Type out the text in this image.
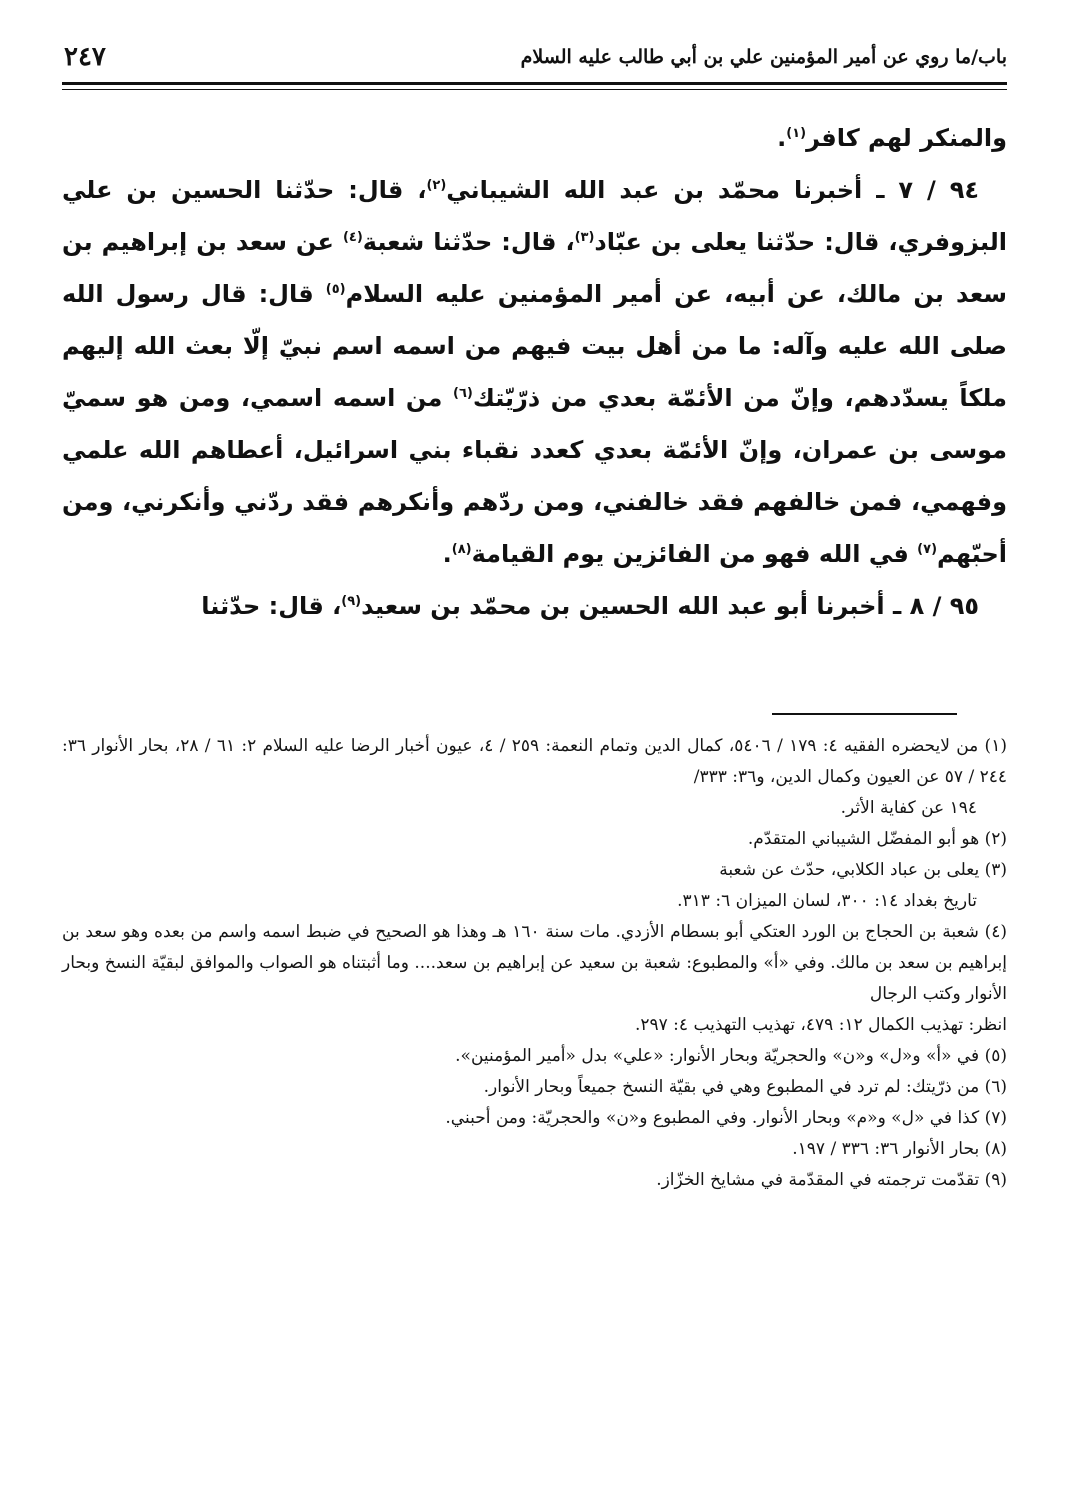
باب/ما روي عن أمير المؤمنين علي بن أبي طالب عليه السلام
٢٤٧

والمنكر لهم كافر$^{(١)}$.

٩٤ / ٧ ـ أخبرنا محمّد بن عبد الله الشيباني$^{(٢)}$، قال: حدّثنا الحسين بن علي البزوفري، قال: حدّثنا يعلى بن عبّاد$^{(٣)}$، قال: حدّثنا شعبة$^{(٤)}$ عن سعد بن إبراهيم بن سعد بن مالك، عن أبيه، عن أمير المؤمنين عليه السلام$^{(٥)}$ قال: قال رسول الله صلى الله عليه وآله: ما من أهل بيت فيهم من اسمه اسم نبيّ إلّا بعث الله إليهم ملكاً يسدّدهم، وإنّ من الأئمّة بعدي من ذرّيّتك$^{(٦)}$ من اسمه اسمي، ومن هو سميّ موسى بن عمران، وإنّ الأئمّة بعدي كعدد نقباء بني اسرائيل، أعطاهم الله علمي وفهمي، فمن خالفهم فقد خالفني، ومن ردّهم وأنكرهم فقد ردّني وأنكرني، ومن أحبّهم$^{(٧)}$ في الله فهو من الفائزين يوم القيامة$^{(٨)}$.

٩٥ / ٨ ـ أخبرنا أبو عبد الله الحسين بن محمّد بن سعيد$^{(٩)}$، قال: حدّثنا

(١) من لايحضره الفقيه ٤: ١٧٩ / ٥٤٠٦، كمال الدين وتمام النعمة: ٢٥٩ / ٤، عيون أخبار الرضا عليه السلام ٢: ٦١ / ٢٨، بحار الأنوار ٣٦: ٢٤٤ / ٥٧ عن العيون وكمال الدين، و٣٦: ٣٣٣/

١٩٤ عن كفاية الأثر.

(٢) هو أبو المفضّل الشيباني المتقدّم.

(٣) يعلى بن عباد الكلابي، حدّث عن شعبة

تاريخ بغداد ١٤: ٣٠٠، لسان الميزان ٦: ٣١٣.

(٤) شعبة بن الحجاج بن الورد العتكي أبو بسطام الأزدي. مات سنة ١٦٠ هـ وهذا هو الصحيح في ضبط اسمه واسم من بعده وهو سعد بن إبراهيم بن سعد بن مالك. وفي «أ» والمطبوع: شعبة بن سعيد عن إبراهيم بن سعد.... وما أثبتناه هو الصواب والموافق لبقيّة النسخ وبحار الأنوار وكتب الرجال

انظر: تهذيب الكمال ١٢: ٤٧٩، تهذيب التهذيب ٤: ٢٩٧.

(٥) في «أ» و«ل» و«ن» والحجريّة وبحار الأنوار: «علي» بدل «أمير المؤمنين».

(٦) من ذرّيتك: لم ترد في المطبوع وهي في بقيّة النسخ جميعاً وبحار الأنوار.

(٧) كذا في «ل» و«م» وبحار الأنوار. وفي المطبوع و«ن» والحجريّة: ومن أحبني.

(٨) بحار الأنوار ٣٦: ٣٣٦ / ١٩٧.

(٩) تقدّمت ترجمته في المقدّمة في مشايخ الخزّاز.
